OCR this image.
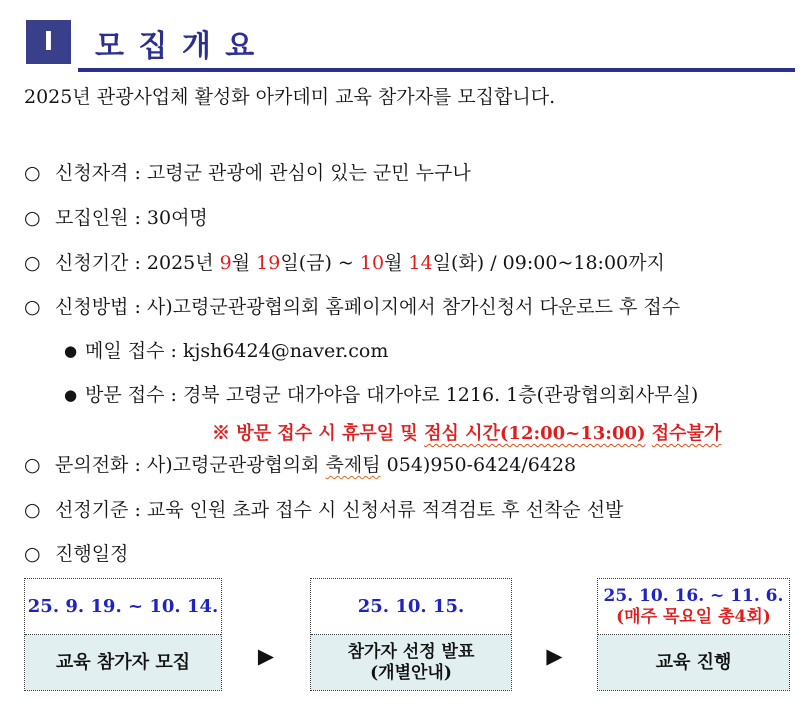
I 모 집 개 요
2025년 관광사업체 활성화 아카데미 교육 참가자를 모집합니다.
○ 신청자격 : 고령군 관광에 관심이 있는 군민 누구나
○ 모집인원 : 30여명
○ 신청기간 : 2025년 9월 19일(금) ~ 10월 14일(화) / 09:00~18:00까지
○ 신청방법 : 사)고령군관광협의회 홈페이지에서 참가신청서 다운로드 후 접수
● 메일 접수 : kjsh6424@naver.com
● 방문 접수 : 경북 고령군 대가야읍 대가야로 1216. 1층(관광협의회사무실)
※ 방문 접수 시 휴무일 및 점심 시간(12:00~13:00) 접수불가
○ 문의전화 : 사)고령군관광협의회 축제팀 054)950-6424/6428
○ 선정기준 : 교육 인원 초과 접수 시 신청서류 적격검토 후 선착순 선발
○ 진행일정
25. 9. 19. ~ 10. 14.
교육 참가자 모집	▶
25. 10. 15.
참가자 선정 발표
(개별안내)
▶
25. 10. 16. ~ 11. 6.
(매주 목요일 총4회)
교육 진행
